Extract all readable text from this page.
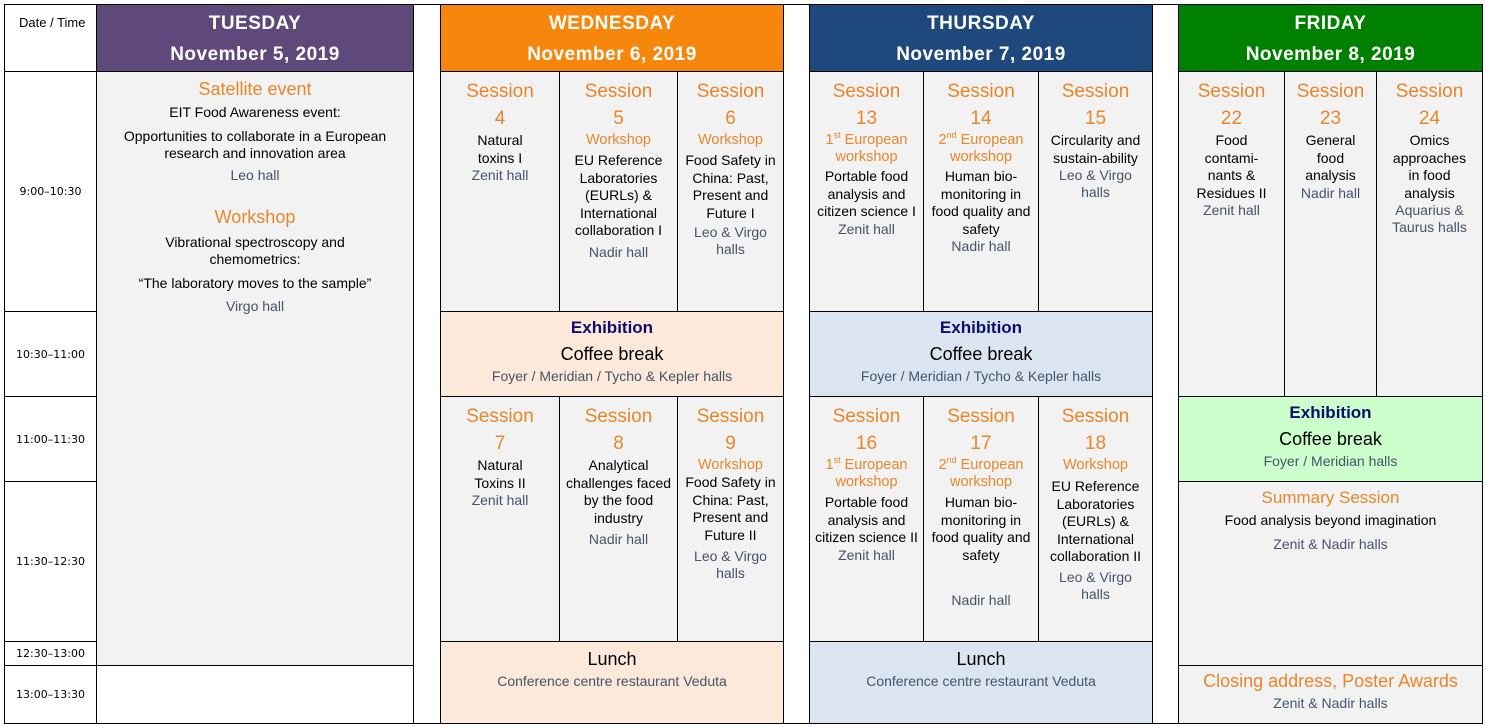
Date / Time
9:00–10:30
10:30–11:00
11:00–11:30
11:30–12:30
12:30–13:00
13:00–13:30
TUESDAY
November 5, 2019
Satellite event
EIT Food Awareness event:
Opportunities to collaborate in a European research and innovation area
Leo hall
Workshop
Vibrational spectroscopy and chemometrics:
“The laboratory moves to the sample”
Virgo hall
WEDNESDAY
November 6, 2019
Session
4
Natural toxins I
Zenit hall
Session
5
Workshop
EU Reference Laboratories (EURLs) & International collaboration I
Nadir hall
Session
6
Workshop
Food Safety in China: Past, Present and Future I
Leo & Virgo halls
Exhibition
Coffee break
Foyer / Meridian / Tycho & Kepler halls
Session
7
Natural Toxins II
Zenit hall
Session
8
Analytical challenges faced by the food industry
Nadir hall
Session
9
Workshop
Food Safety in China: Past, Present and Future II
Leo & Virgo halls
Lunch
Conference centre restaurant Veduta
THURSDAY
November 7, 2019
Session
13
1st European workshop
Portable food analysis and citizen science I
Zenit hall
Session
14
2nd European workshop
Human bio-monitoring in food quality and safety
Nadir hall
Session
15
Circularity and sustain-ability
Leo & Virgo halls
Exhibition
Coffee break
Foyer / Meridian / Tycho & Kepler halls
Session
16
1st European workshop
Portable food analysis and citizen science II
Zenit hall
Session
17
2nd European workshop
Human bio-monitoring in food quality and safety
Nadir hall
Session
18
Workshop
EU Reference Laboratories (EURLs) & International collaboration II
Leo & Virgo halls
Lunch
Conference centre restaurant Veduta
FRIDAY
November 8, 2019
Session
22
Food contami-nants & Residues II
Zenit hall
Session
23
General food analysis
Nadir hall
Session
24
Omics approaches in food analysis
Aquarius & Taurus halls
Exhibition
Coffee break
Foyer / Meridian halls
Summary Session
Food analysis beyond imagination
Zenit & Nadir halls
Closing address, Poster Awards
Zenit & Nadir halls
